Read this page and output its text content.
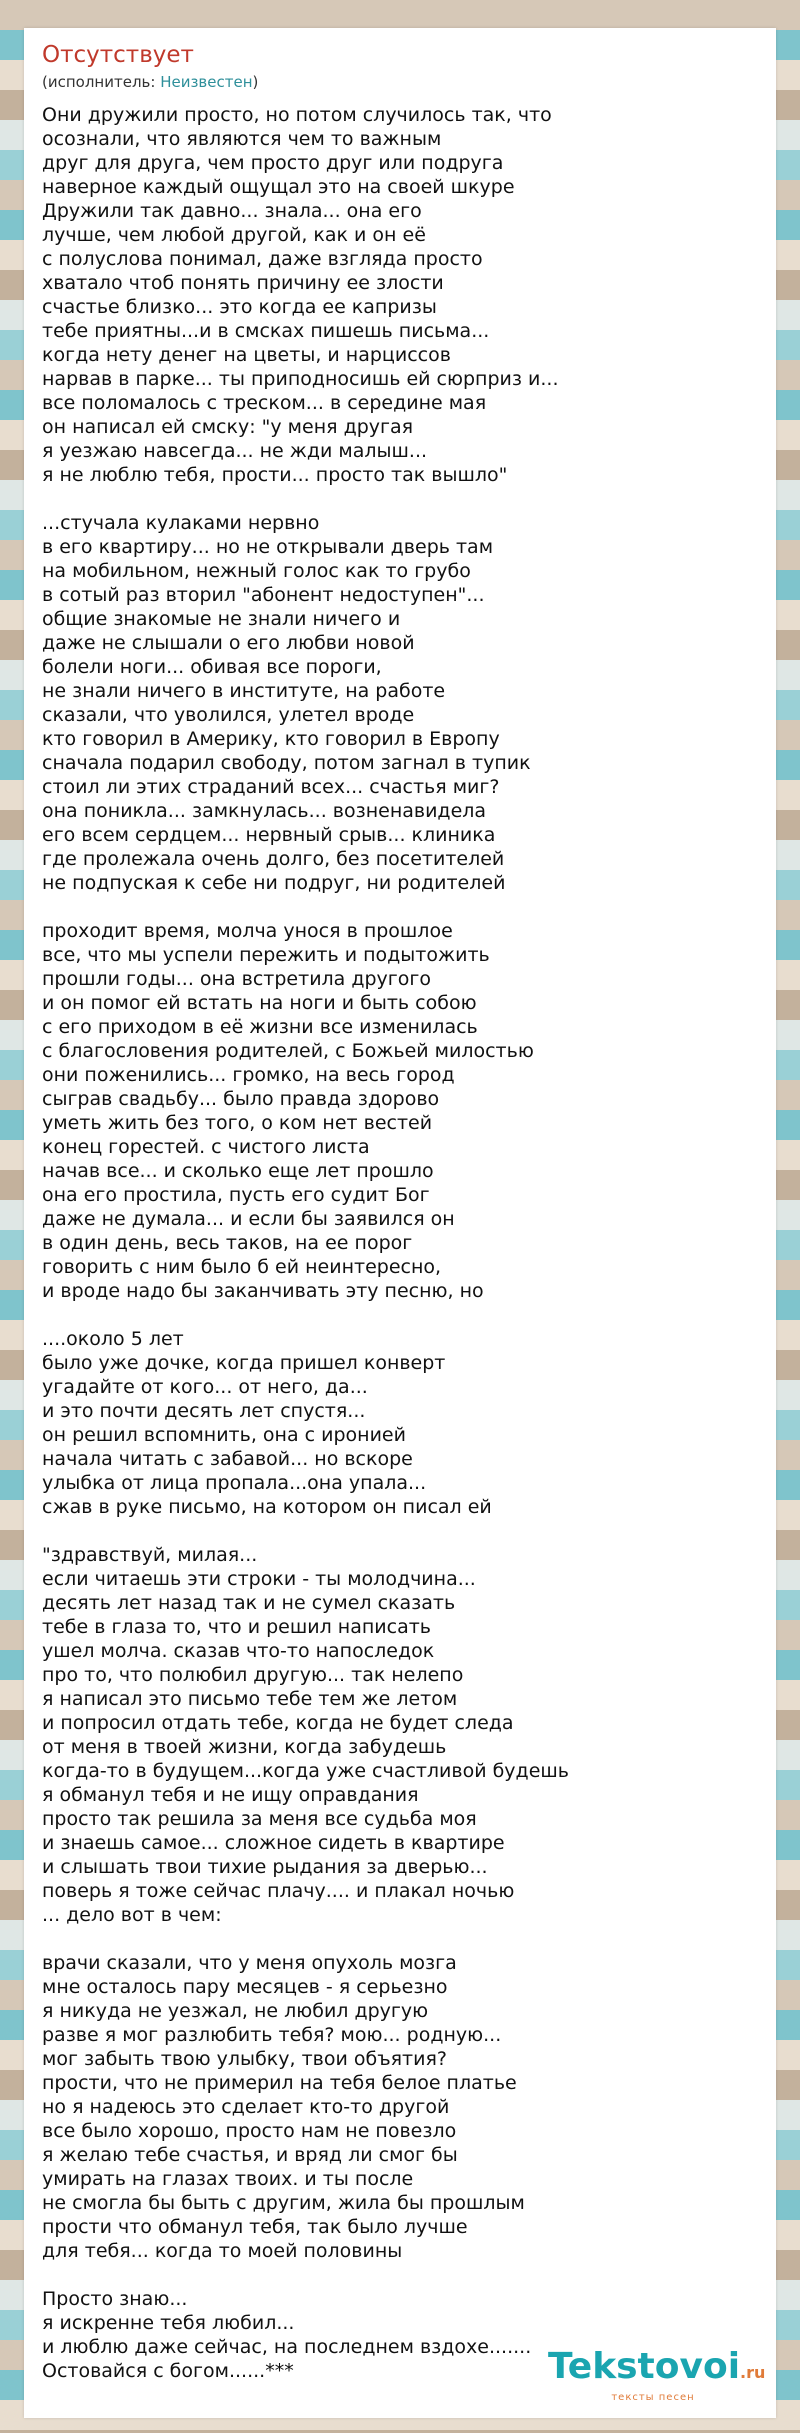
Отсутствует
(исполнитель: Неизвестен)
Они дружили просто, но потом случилось так, что
осознали, что являются чем то важным
друг для друга, чем просто друг или подруга
наверное каждый ощущал это на своей шкуре
Дружили так давно... знала... она его
лучше, чем любой другой, как и он её
с полуслова понимал, даже взгляда просто
хватало чтоб понять причину ее злости
счастье близко... это когда ее капризы
тебе приятны...и в смсках пишешь письма...
когда нету денег на цветы, и нарциссов
нарвав в парке... ты приподносишь ей сюрприз и...
все поломалось с треском... в середине мая
он написал ей смску: "у меня другая
я уезжаю навсегда... не жди малыш...
я не люблю тебя, прости... просто так вышло"
...стучала кулаками нервно
в его квартиру... но не открывали дверь там
на мобильном, нежный голос как то грубо
в сотый раз вторил "абонент недоступен"...
общие знакомые не знали ничего и
даже не слышали о его любви новой
болели ноги... обивая все пороги,
не знали ничего в институте, на работе
сказали, что уволился, улетел вроде
кто говорил в Америку, кто говорил в Европу
сначала подарил свободу, потом загнал в тупик
стоил ли этих страданий всех... счастья миг?
она поникла... замкнулась... возненавидела
его всем сердцем... нервный срыв... клиника
где пролежала очень долго, без посетителей
не подпуская к себе ни подруг, ни родителей
проходит время, молча унося в прошлое
все, что мы успели пережить и подытожить
прошли годы... она встретила другого
и он помог ей встать на ноги и быть собою
с его приходом в её жизни все изменилась
с благословения родителей, с Божьей милостью
они поженились... громко, на весь город
сыграв свадьбу... было правда здорово
уметь жить без того, о ком нет вестей
конец горестей. с чистого листа
начав все... и сколько еще лет прошло
она его простила, пусть его судит Бог
даже не думала... и если бы заявился он
в один день, весь таков, на ее порог
говорить с ним было б ей неинтересно,
и вроде надо бы заканчивать эту песню, но
....около 5 лет
было уже дочке, когда пришел конверт
угадайте от кого... от него, да...
и это почти десять лет спустя...
он решил вспомнить, она с иронией
начала читать с забавой... но вскоре
улыбка от лица пропала...она упала...
сжав в руке письмо, на котором он писал ей
"здравствуй, милая...
если читаешь эти строки - ты молодчина...
десять лет назад так и не сумел сказать
тебе в глаза то, что и решил написать
ушел молча. сказав что-то напоследок
про то, что полюбил другую... так нелепо
я написал это письмо тебе тем же летом
и попросил отдать тебе, когда не будет следа
от меня в твоей жизни, когда забудешь
когда-то в будущем...когда уже счастливой будешь
я обманул тебя и не ищу оправдания
просто так решила за меня все судьба моя
и знаешь самое... сложное сидеть в квартире
и слышать твои тихие рыдания за дверью...
поверь я тоже сейчас плачу.... и плакал ночью
... дело вот в чем:
врачи сказали, что у меня опухоль мозга
мне осталось пару месяцев - я серьезно
я никуда не уезжал, не любил другую
разве я мог разлюбить тебя? мою... родную...
мог забыть твою улыбку, твои объятия?
прости, что не примерил на тебя белое платье
но я надеюсь это сделает кто-то другой
все было хорошо, просто нам не повезло
я желаю тебе счастья, и вряд ли смог бы
умирать на глазах твоих. и ты после
не смогла бы быть с другим, жила бы прошлым
прости что обманул тебя, так было лучше
для тебя... когда то моей половины
Просто знаю...
я искренне тебя любил...
и люблю даже сейчас, на последнем вздохе.......
Остовайся с богом......***	Tekstovoi.ru
тексты песен
